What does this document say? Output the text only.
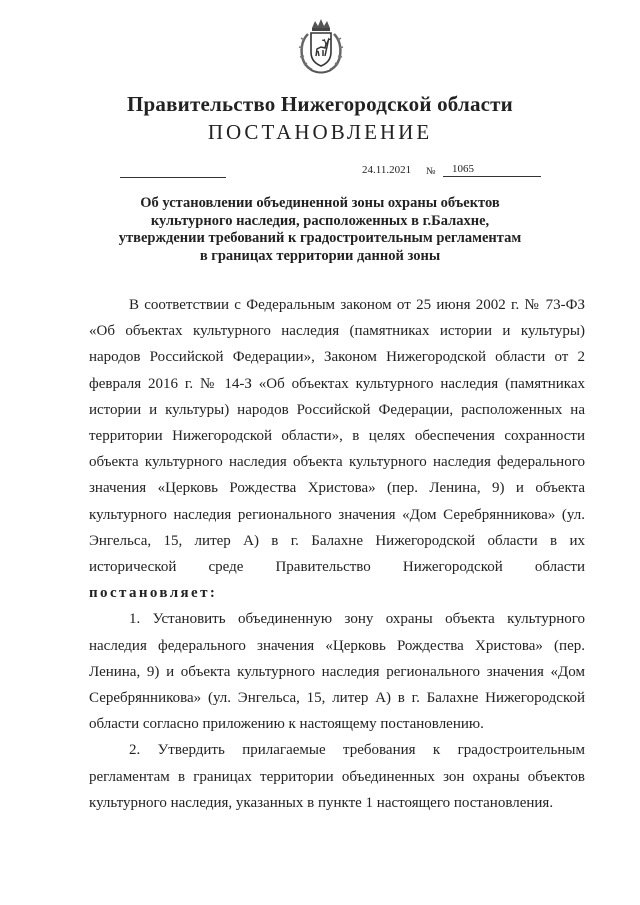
Правительство Нижегородской области
ПОСТАНОВЛЕНИЕ
24.11.2021 №	1065
Об установлении объединенной зоны охраны объектов
культурного наследия, расположенных в г.Балахне,
утверждении требований к градостроительным регламентам
в границах территории данной зоны

В соответствии с Федеральным законом от 25 июня 2002 г. № 73-ФЗ «Об объектах культурного наследия (памятниках истории и культуры) народов Российской Федерации», Законом Нижегородской области от 2 февраля 2016 г. № 14-З «Об объектах культурного наследия (памятниках истории и культуры) народов Российской Федерации, расположенных на территории Нижегородской области», в целях обеспечения сохранности объекта культурного наследия объекта культурного наследия федерального значения «Церковь Рождества Христова» (пер. Ленина, 9) и объекта культурного наследия регионального значения «Дом Серебрянникова» (ул. Энгельса, 15, литер А) в г. Балахне Нижегородской области в их исторической среде Правительство Нижегородской области постановляет:

1. Установить объединенную зону охраны объекта культурного наследия федерального значения «Церковь Рождества Христова» (пер. Ленина, 9) и объекта культурного наследия регионального значения «Дом Серебрянникова» (ул. Энгельса, 15, литер А) в г. Балахне Нижегородской области согласно приложению к настоящему постановлению.

2. Утвердить прилагаемые требования к градостроительным регламентам в границах территории объединенных зон охраны объектов культурного наследия, указанных в пункте 1 настоящего постановления.
